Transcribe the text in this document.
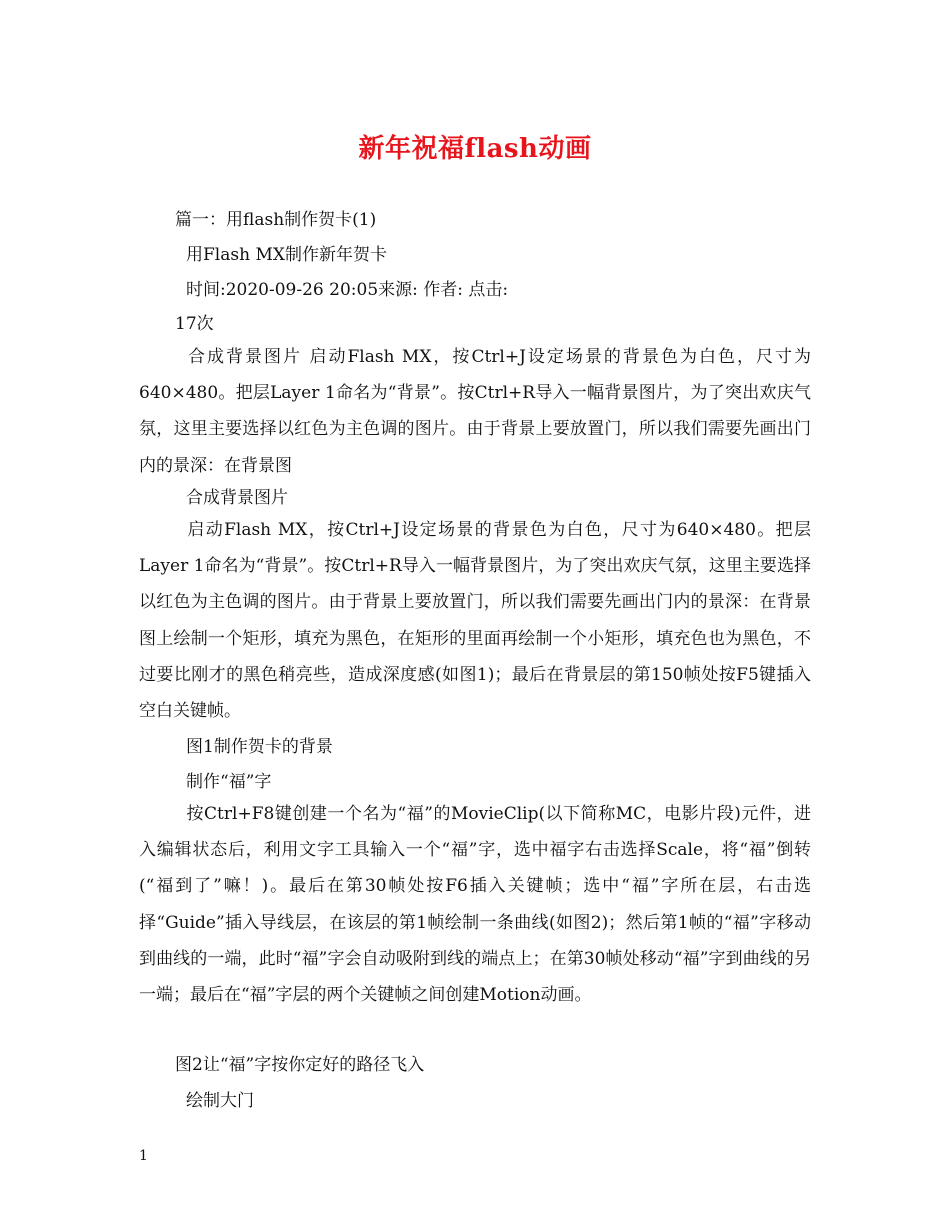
新年祝福flash动画
篇一：用flash制作贺卡(1)
用Flash MX制作新年贺卡
时间:2020-09-26 20:05来源: 作者: 点击:
17次
合成背景图片 启动Flash MX，按Ctrl+J设定场景的背景色为白色，尺寸为640×480。把层Layer 1命名为“背景”。按Ctrl+R导入一幅背景图片，为了突出欢庆气氛，这里主要选择以红色为主色调的图片。由于背景上要放置门，所以我们需要先画出门内的景深：在背景图
合成背景图片
启动Flash MX，按Ctrl+J设定场景的背景色为白色，尺寸为640×480。把层Layer 1命名为“背景”。按Ctrl+R导入一幅背景图片，为了突出欢庆气氛，这里主要选择以红色为主色调的图片。由于背景上要放置门，所以我们需要先画出门内的景深：在背景图上绘制一个矩形，填充为黑色，在矩形的里面再绘制一个小矩形，填充色也为黑色，不过要比刚才的黑色稍亮些，造成深度感(如图1)；最后在背景层的第150帧处按F5键插入空白关键帧。
图1制作贺卡的背景
制作“福”字
按Ctrl+F8键创建一个名为“福”的MovieClip(以下简称MC，电影片段)元件，进入编辑状态后，利用文字工具输入一个“福”字，选中福字右击选择Scale，将“福”倒转(“福到了”嘛！)。最后在第30帧处按F6插入关键帧；选中“福”字所在层，右击选择“Guide”插入导线层，在该层的第1帧绘制一条曲线(如图2)；然后第1帧的“福”字移动到曲线的一端，此时“福”字会自动吸附到线的端点上；在第30帧处移动“福”字到曲线的另一端；最后在“福”字层的两个关键帧之间创建Motion动画。
图2让“福”字按你定好的路径飞入
绘制大门
1
